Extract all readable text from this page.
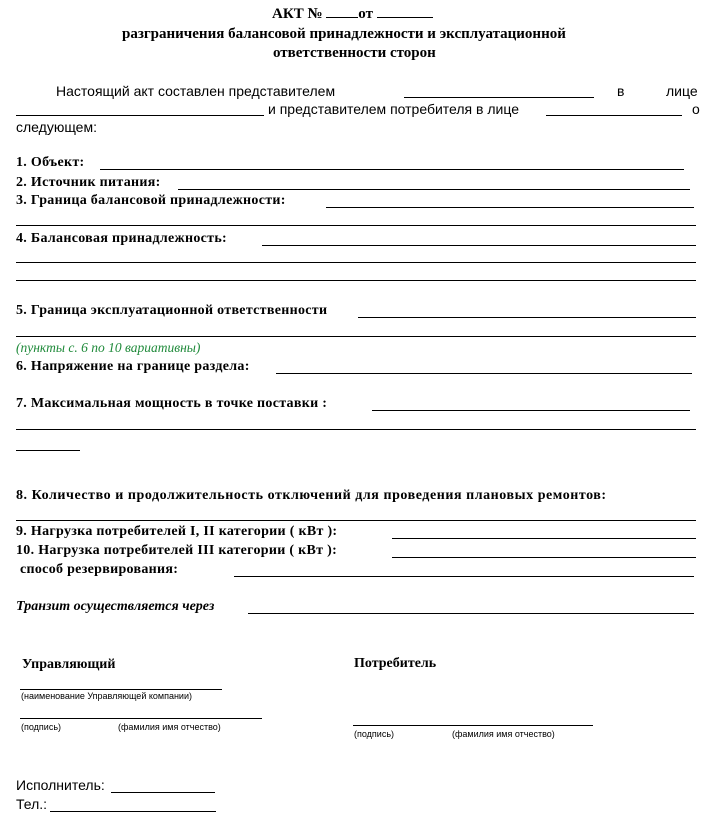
АКТ № от
разграничения балансовой принадлежности и эксплуатационной
ответственности сторон
Настоящий акт составлен представителем	в	лице
и представителем потребителя в лице	о
следующем:
1. Объект:
2. Источник питания:
3. Граница балансовой принадлежности:
4. Балансовая принадлежность:
5. Граница эксплуатационной ответственности
(пункты с. 6 по 10 вариативны)
6. Напряжение на границе раздела:
7. Максимальная мощность в точке поставки :
8. Количество и продолжительность отключений для проведения плановых ремонтов:
9. Нагрузка потребителей I, II категории ( кВт ):
10. Нагрузка потребителей III категории ( кВт ):
способ резервирования:
Транзит осуществляется через
Управляющий
(наименование Управляющей компании)
(подпись)	(фамилия имя отчество)
Потребитель
(подпись)	(фамилия имя отчество)
Исполнитель:
Тел.:
